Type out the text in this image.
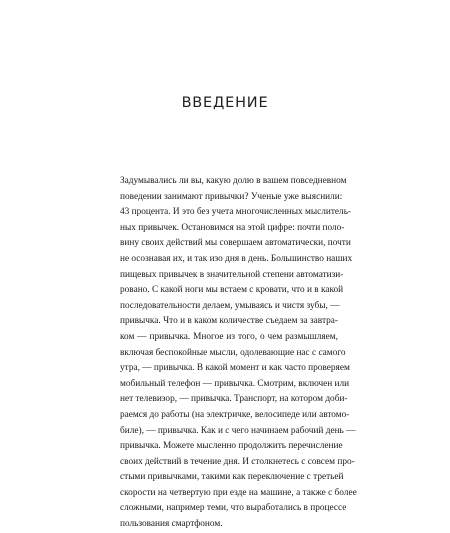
ВВЕДЕНИЕ
Задумывались ли вы, какую долю в вашем повседневном
поведении занимают привычки? Ученые уже выяснили:
43 процента. И это без учета многочисленных мыслитель-
ных привычек. Остановимся на этой цифре: почти поло-
вину своих действий мы совершаем автоматически, почти
не осознавая их, и так изо дня в день. Большинство наших
пищевых привычек в значительной степени автоматизи-
ровано. С какой ноги мы встаем с кровати, что и в какой
последовательности делаем, умываясь и чистя зубы, —
привычка. Что и в каком количестве съедаем за завтра-
ком — привычка. Многое из того, о чем размышляем,
включая беспокойные мысли, одолевающие нас с самого
утра, — привычка. В какой момент и как часто проверяем
мобильный телефон — привычка. Смотрим, включен или
нет телевизор, — привычка. Транспорт, на котором доби-
раемся до работы (на электричке, велосипеде или автомо-
биле), — привычка. Как и с чего начинаем рабочий день —
привычка. Можете мысленно продолжить перечисление
своих действий в течение дня. И столкнетесь с совсем про-
стыми привычками, такими как переключение с третьей
скорости на четвертую при езде на машине, а также с более
сложными, например теми, что выработались в процессе
пользования смартфоном.
